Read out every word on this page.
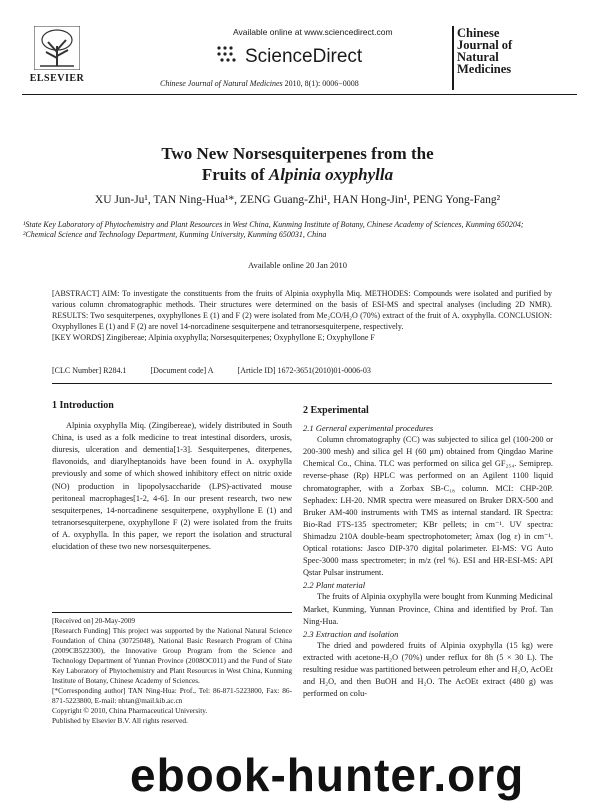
ELSEVIER
Available online at www.sciencedirect.com
ScienceDirect
Chinese Journal of Natural Medicines 2010, 8(1): 0006−0008
Chinese
Journal of
Natural
Medicines
Two New Norsesquiterpenes from the
Fruits of Alpinia oxyphylla
XU Jun-Ju¹, TAN Ning-Hua¹*, ZENG Guang-Zhi¹, HAN Hong-Jin¹, PENG Yong-Fang²
¹State Key Laboratory of Phytochemistry and Plant Resources in West China, Kunming Institute of Botany, Chinese Academy of Sciences, Kunming 650204;
²Chemical Science and Technology Department, Kunming University, Kunming 650031, China
Available online 20 Jan 2010

[ABSTRACT] AIM: To investigate the constituents from the fruits of Alpinia oxyphylla Miq. METHODES: Compounds were isolated and purified by various column chromatographic methods. Their structures were determined on the basis of ESI-MS and spectral analyses (including 2D NMR). RESULTS: Two sesquiterpenes, oxyphyllones E (1) and F (2) were isolated from Me₂CO/H₂O (70%) extract of the fruit of A. oxyphylla. CONCLUSION: Oxyphyllones E (1) and F (2) are novel 14-norcadinene sesquiterpene and tetranorsesquiterpene, respectively.

[KEY WORDS] Zingibereae; Alpinia oxyphylla; Norsesquiterpenes; Oxyphyllone E; Oxyphyllone F

[CLC Number] R284.1	[Document code] A	[Article ID] 1672-3651(2010)01-0006-03
1 Introduction

Alpinia oxyphylla Miq. (Zingibereae), widely distributed in South China, is used as a folk medicine to treat intestinal disorders, urosis, diuresis, ulceration and dementia[1-3]. Sesquiterpenes, diterpenes, flavonoids, and diarylheptanoids have been found in A. oxyphylla previously and some of which showed inhibitory effect on nitric oxide (NO) production in lipopolysaccharide (LPS)-activated mouse peritoneal macrophages[1-2, 4-6]. In our present research, two new sesquiterpenes, 14-norcadinene sesquiterpene, oxyphyllone E (1) and tetranorsesquiterpene, oxyphyllone F (2) were isolated from the fruits of A. oxyphylla. In this paper, we report the isolation and structural elucidation of these two new norsesquiterpenes.

[Received on] 20-May-2009

[Research Funding] This project was supported by the National Natural Science Foundation of China (30725048), National Basic Research Program of China (2009CB522300), the Innovative Group Program from the Science and Technology Department of Yunnan Province (2008OC011) and the Fund of State Key Laboratory of Phytochemistry and Plant Resources in West China, Kunming Institute of Botany, Chinese Academy of Sciences.

[*Corresponding author] TAN Ning-Hua: Prof., Tel: 86-871-5223800, Fax: 86-871-5223800, E-mail: nhtan@mail.kib.ac.cn

Copyright © 2010, China Pharmaceutical University.

Published by Elsevier B.V. All rights reserved.

2 Experimental
2.1 Gerneral experimental procedures

Column chromatography (CC) was subjected to silica gel (100-200 or 200-300 mesh) and silica gel H (60 μm) obtained from Qingdao Marine Chemical Co., China. TLC was performed on silica gel GF₂₅₄. Semiprep. reverse-phase (Rp) HPLC was performed on an Agilent 1100 liquid chromatographer, with a Zorbax SB-C₁₈ column. MCI: CHP-20P. Sephadex: LH-20. NMR spectra were measured on Bruker DRX-500 and Bruker AM-400 instruments with TMS as internal standard. IR Spectra: Bio-Rad FTS-135 spectrometer; KBr pellets; in cm⁻¹. UV spectra: Shimadzu 210A double-beam spectrophotometer; λmax (log ε) in cm⁻¹. Optical rotations: Jasco DIP-370 digital polarimeter. EI-MS: VG Auto Spec-3000 mass spectrometer; in m/z (rel %). ESI and HR-ESI-MS: API Qstar Pulsar instrument.

2.2 Plant material

The fruits of Alpinia oxyphylla were bought from Kunming Medicinal Market, Kunming, Yunnan Province, China and identified by Prof. Tan Ning-Hua.

2.3 Extraction and isolation

The dried and powdered fruits of Alpinia oxyphylla (15 kg) were extracted with acetone-H₂O (70%) under reflux for 8h (5 × 30 L). The resulting residue was partitioned between petroleum ether and H₂O, AcOEt and H₂O, and then BuOH and H₂O. The AcOEt extract (480 g) was performed on colu-

ebook-hunter.org
